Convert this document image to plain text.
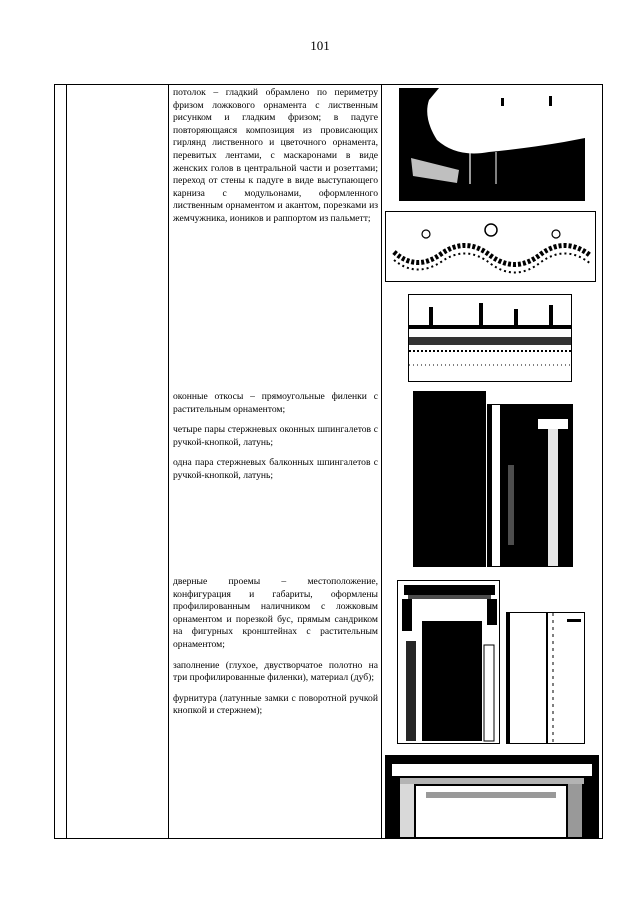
101

потолок – гладкий обрамлено по периметру фризом ложкового орнамента с лиственным рисунком и гладким фризом; в падуге повторяющаяся композиция из провисающих гирлянд лиственного и цветочного орнамента, перевитых лентами, с маскаронами в виде женских голов в центральной части и розеттами; переход от стены к падуге в виде выступающего карниза с модульонами, оформленного лиственным орнаментом и акантом, порезками из жемчужника, иоников и раппортом из пальметт;

оконные откосы – прямоугольные филенки с растительным орнаментом;

четыре пары стержневых оконных шпингалетов с ручкой-кнопкой, латунь;

одна пара стержневых балконных шпингалетов с ручкой-кнопкой, латунь;

дверные проемы – местоположение, конфигурация и габариты, оформлены профилированным наличником с ложковым орнаментом и порезкой бус, прямым сандриком на фигурных кронштейнах с растительным орнаментом;

заполнение (глухое, двустворчатое полотно на три профилированные филенки), материал (дуб);

фурнитура (латунные замки с поворотной ручкой кнопкой и стержнем);
